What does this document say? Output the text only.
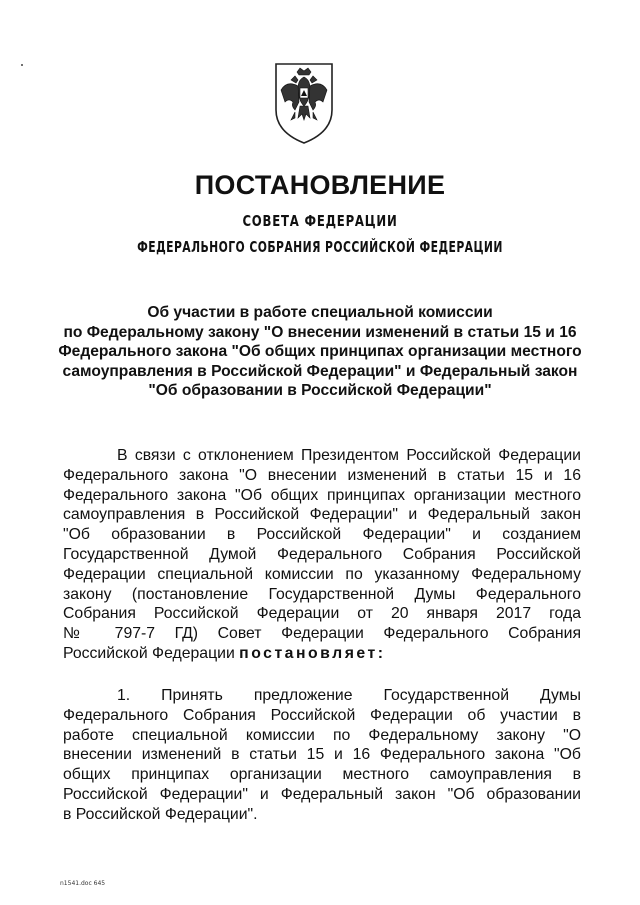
ПОСТАНОВЛЕНИЕ
СОВЕТА ФЕДЕРАЦИИ
ФЕДЕРАЛЬНОГО СОБРАНИЯ РОССИЙСКОЙ ФЕДЕРАЦИИ
Об участии в работе специальной комиссии
по Федеральному закону "О внесении изменений в статьи 15 и 16
Федерального закона "Об общих принципах организации местного
самоуправления в Российской Федерации" и Федеральный закон
"Об образовании в Российской Федерации"
В связи с отклонением Президентом Российской Федерации
Федерального закона "О внесении изменений в статьи 15 и 16
Федерального закона "Об общих принципах организации местного
самоуправления в Российской Федерации" и Федеральный закон
"Об образовании в Российской Федерации" и созданием
Государственной Думой Федерального Собрания Российской
Федерации специальной комиссии по указанному Федеральному
закону (постановление Государственной Думы Федерального
Собрания Российской Федерации от 20 января 2017 года
№ 797-7 ГД) Совет Федерации Федерального Собрания
Российской Федерации постановляет:
1. Принять предложение Государственной Думы
Федерального Собрания Российской Федерации об участии в
работе специальной комиссии по Федеральному закону "О
внесении изменений в статьи 15 и 16 Федерального закона "Об
общих принципах организации местного самоуправления в
Российской Федерации" и Федеральный закон "Об образовании
в Российской Федерации".
n1541.doc 645
